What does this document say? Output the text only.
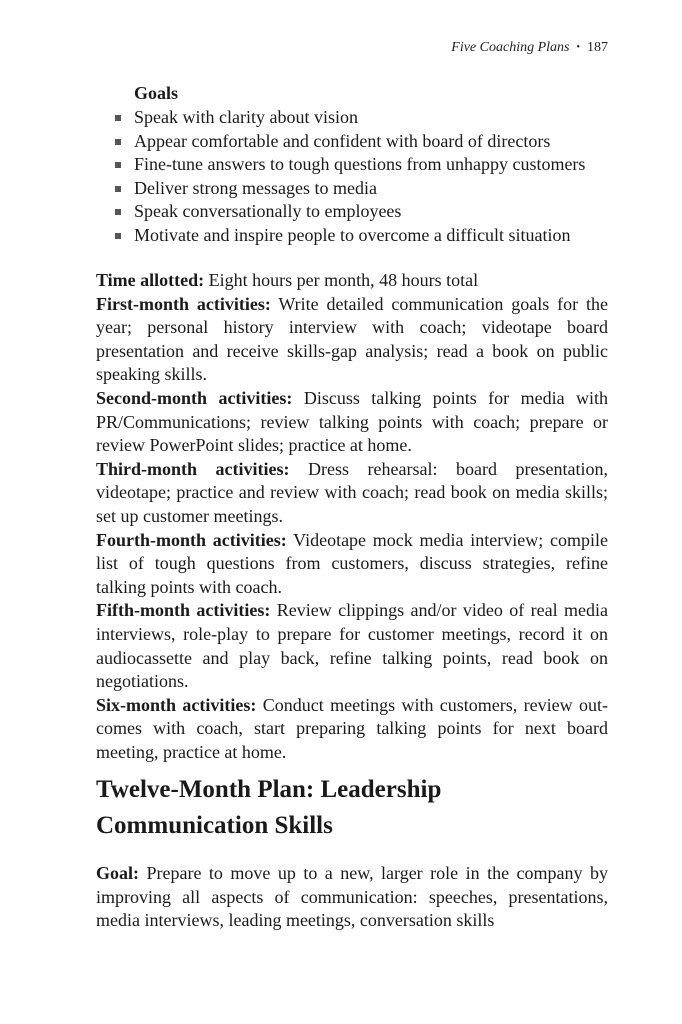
Five Coaching Plans • 187
Goals
Speak with clarity about vision
Appear comfortable and confident with board of directors
Fine-tune answers to tough questions from unhappy customers
Deliver strong messages to media
Speak conversationally to employees
Motivate and inspire people to overcome a difficult situation

Time allotted: Eight hours per month, 48 hours total

First-month activities: Write detailed communication goals for the year; personal history interview with coach; videotape board presentation and receive skills-gap analysis; read a book on public speaking skills.

Second-month activities: Discuss talking points for media with PR/Communications; review talking points with coach; prepare or review PowerPoint slides; practice at home.

Third-month activities: Dress rehearsal: board presentation, videotape; practice and review with coach; read book on media skills; set up customer meetings.

Fourth-month activities: Videotape mock media interview; compile list of tough questions from customers, discuss strategies, refine talking points with coach.

Fifth-month activities: Review clippings and/or video of real media interviews, role-play to prepare for customer meetings, record it on audiocassette and play back, refine talking points, read book on negotiations.

Six-month activities: Conduct meetings with customers, review outcomes with coach, start preparing talking points for next board meeting, practice at home.

Twelve-Month Plan: Leadership
Communication Skills

Goal: Prepare to move up to a new, larger role in the company by improving all aspects of communication: speeches, presentations, media interviews, leading meetings, conversation skills
